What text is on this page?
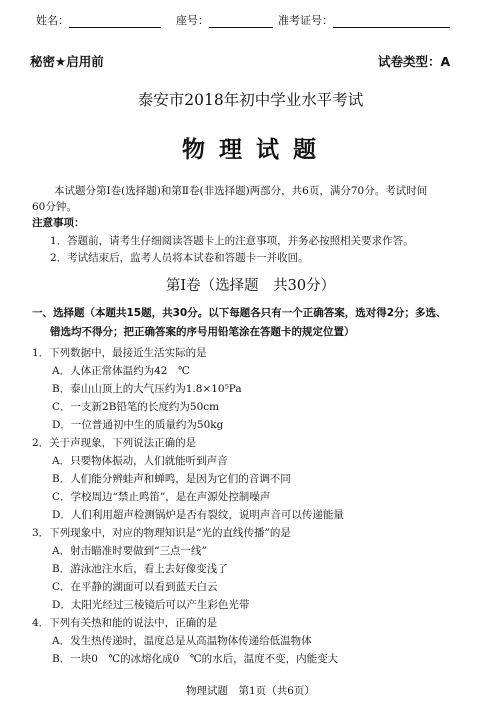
姓名：	座号：	准考证号：
秘密★启用前	试卷类型：A
泰安市2018年初中学业水平考试
物 理 试 题
本试题分第Ⅰ卷(选择题)和第Ⅱ卷(非选择题)两部分，共6页，满分70分。考试时间
60分钟。
注意事项：
1．答题前，请考生仔细阅读答题卡上的注意事项，并务必按照相关要求作答。
2．考试结束后，监考人员将本试卷和答题卡一并收回。
第Ⅰ卷（选择题　共30分）
一、选择题（本题共15题，共30分。以下每题各只有一个正确答案，选对得2分；多选、
错选均不得分；把正确答案的序号用铅笔涂在答题卡的规定位置）
1．下列数据中，最接近生活实际的是
A．人体正常体温约为42　℃
B．泰山山顶上的大气压约为1.8×10⁵Pa
C．一支新2B铅笔的长度约为50cm
D．一位普通初中生的质量约为50kg
2．关于声现象，下列说法正确的是
A．只要物体振动，人们就能听到声音
B．人们能分辨蛙声和蝉鸣，是因为它们的音调不同
C．学校周边“禁止鸣笛”，是在声源处控制噪声
D．人们利用超声检测锅炉是否有裂纹，说明声音可以传递能量
3．下列现象中，对应的物理知识是“光的直线传播”的是
A．射击瞄准时要做到“三点一线”
B．游泳池注水后，看上去好像变浅了
C．在平静的湖面可以看到蓝天白云
D．太阳光经过三棱镜后可以产生彩色光带
4．下列有关热和能的说法中，正确的是
A．发生热传递时，温度总是从高温物体传递给低温物体
B．一块0　℃的冰熔化成0　℃的水后，温度不变，内能变大
物理试题　第1页（共6页）
